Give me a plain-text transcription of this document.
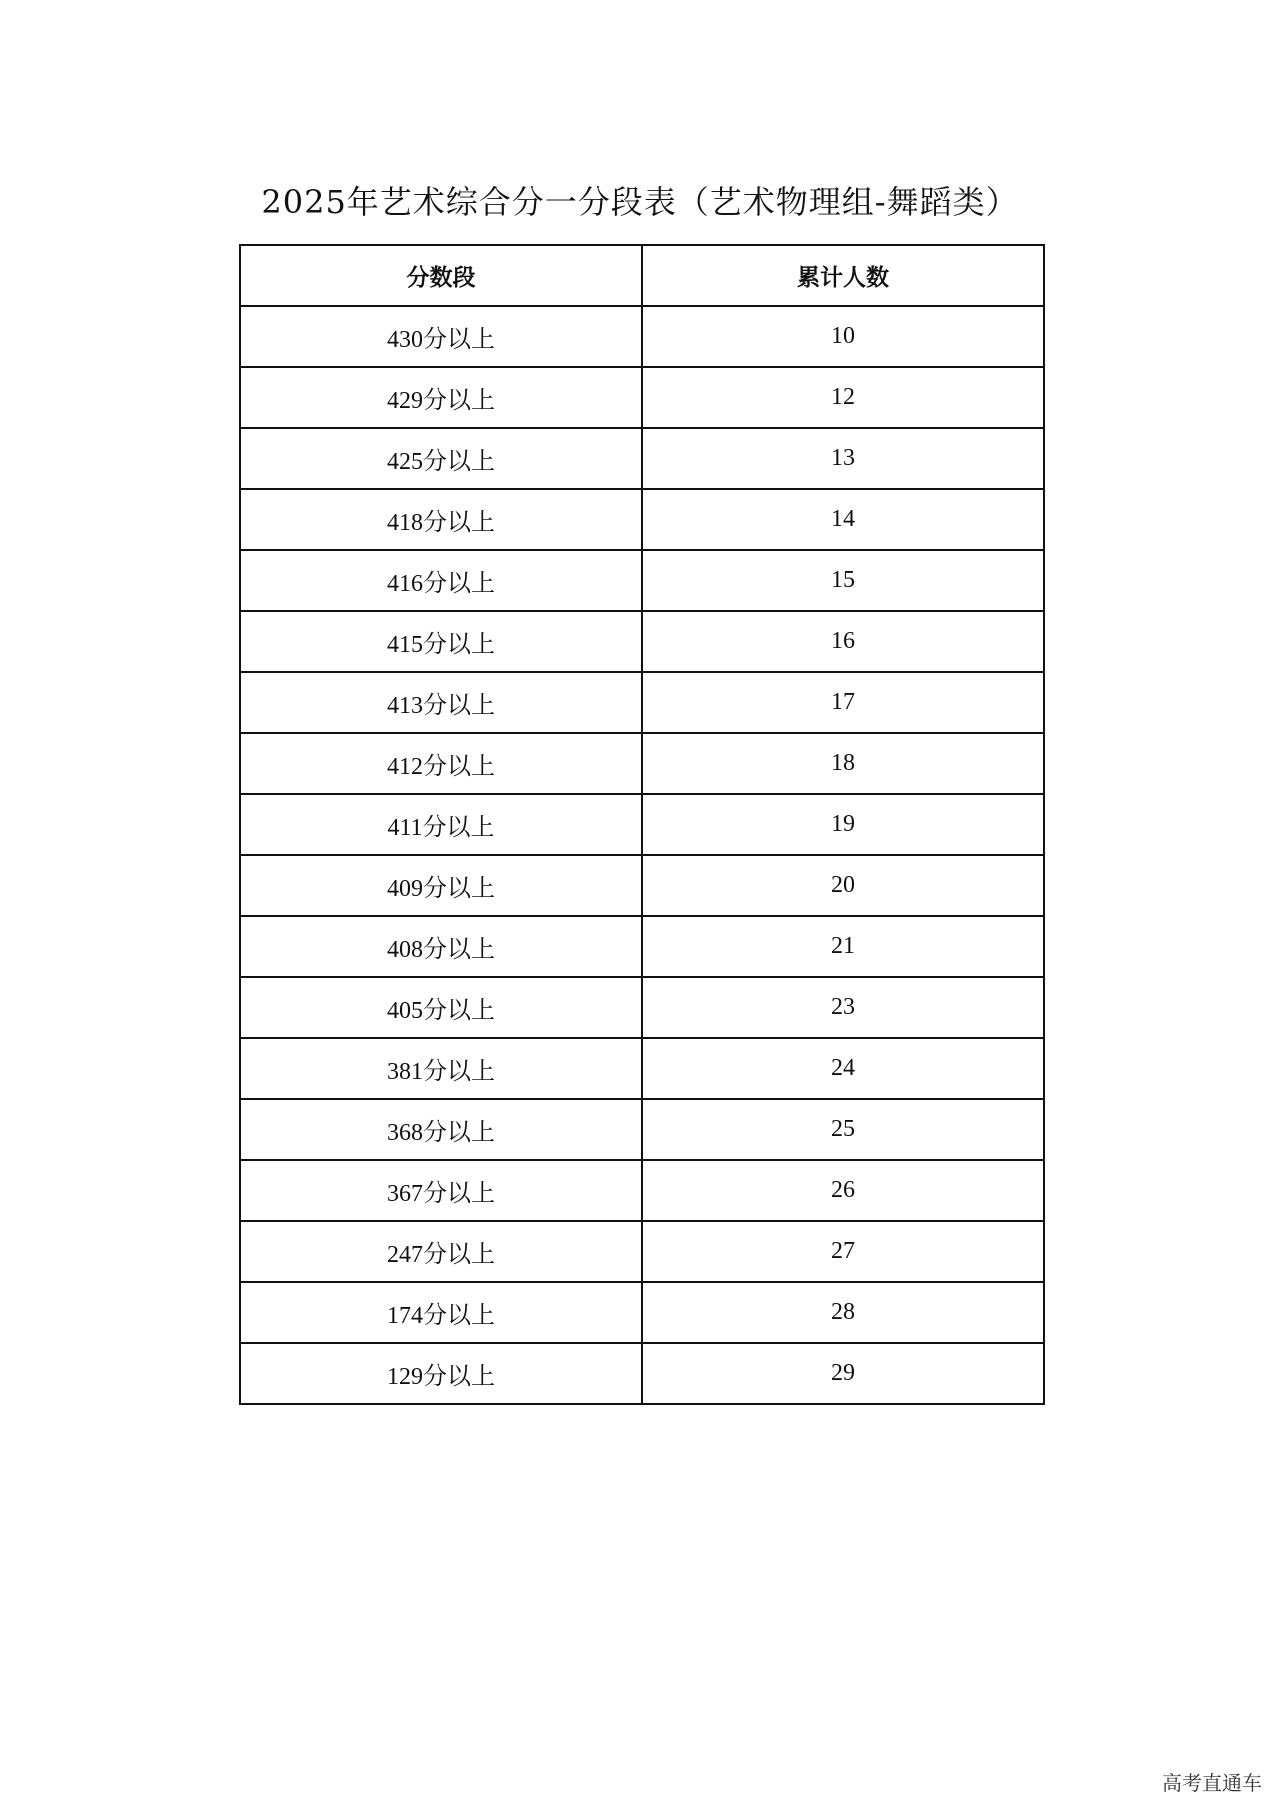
2025年艺术综合分一分段表（艺术物理组-舞蹈类）
分数段	累计人数
430分以上	10
429分以上	12
425分以上	13
418分以上	14
416分以上	15
415分以上	16
413分以上	17
412分以上	18
411分以上	19
409分以上	20
408分以上	21
405分以上	23
381分以上	24
368分以上	25
367分以上	26
247分以上	27
174分以上	28
129分以上	29
高考直通车
